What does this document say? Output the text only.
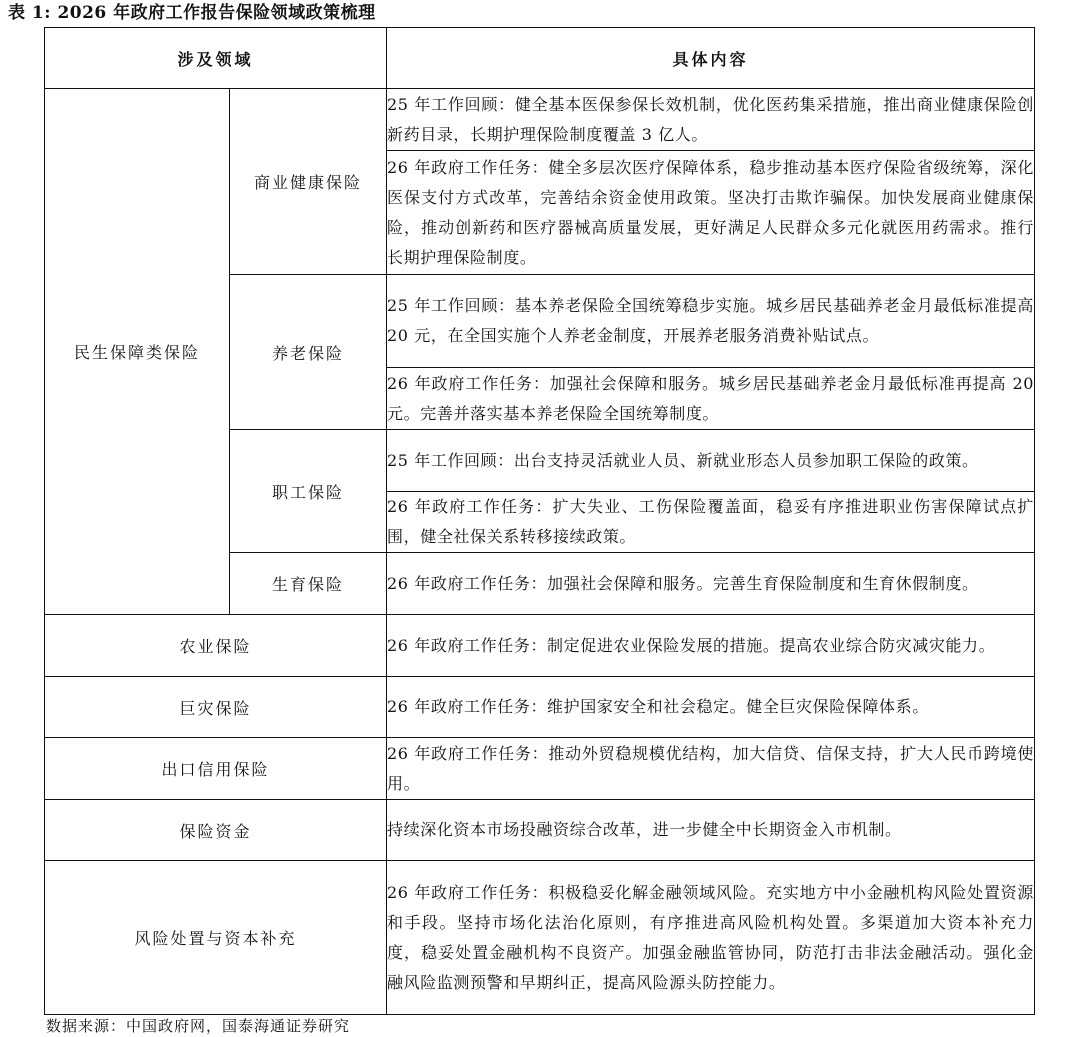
表 1: 2026 年政府工作报告保险领域政策梳理
涉及领域		具体内容
民生保障类保险	商业健康保险	25 年工作回顾：健全基本医保参保长效机制，优化医药集采措施，推出商业健康保险创新药目录，长期护理保险制度覆盖 3 亿人。
		26 年政府工作任务：健全多层次医疗保障体系，稳步推动基本医疗保险省级统筹，深化医保支付方式改革，完善结余资金使用政策。坚决打击欺诈骗保。加快发展商业健康保险，推动创新药和医疗器械高质量发展，更好满足人民群众多元化就医用药需求。推行长期护理保险制度。
	养老保险	25 年工作回顾：基本养老保险全国统筹稳步实施。城乡居民基础养老金月最低标准提高 20 元，在全国实施个人养老金制度，开展养老服务消费补贴试点。
		26 年政府工作任务：加强社会保障和服务。城乡居民基础养老金月最低标准再提高 20 元。完善并落实基本养老保险全国统筹制度。
	职工保险	25 年工作回顾：出台支持灵活就业人员、新就业形态人员参加职工保险的政策。
		26 年政府工作任务：扩大失业、工伤保险覆盖面，稳妥有序推进职业伤害保障试点扩围，健全社保关系转移接续政策。
	生育保险	26 年政府工作任务：加强社会保障和服务。完善生育保险制度和生育休假制度。
农业保险		26 年政府工作任务：制定促进农业保险发展的措施。提高农业综合防灾减灾能力。
巨灾保险		26 年政府工作任务：维护国家安全和社会稳定。健全巨灾保险保障体系。
出口信用保险		26 年政府工作任务：推动外贸稳规模优结构，加大信贷、信保支持，扩大人民币跨境使用。
保险资金		持续深化资本市场投融资综合改革，进一步健全中长期资金入市机制。
风险处置与资本补充		26 年政府工作任务：积极稳妥化解金融领域风险。充实地方中小金融机构风险处置资源和手段。坚持市场化法治化原则，有序推进高风险机构处置。多渠道加大资本补充力度，稳妥处置金融机构不良资产。加强金融监管协同，防范打击非法金融活动。强化金融风险监测预警和早期纠正，提高风险源头防控能力。
数据来源：中国政府网，国泰海通证券研究
